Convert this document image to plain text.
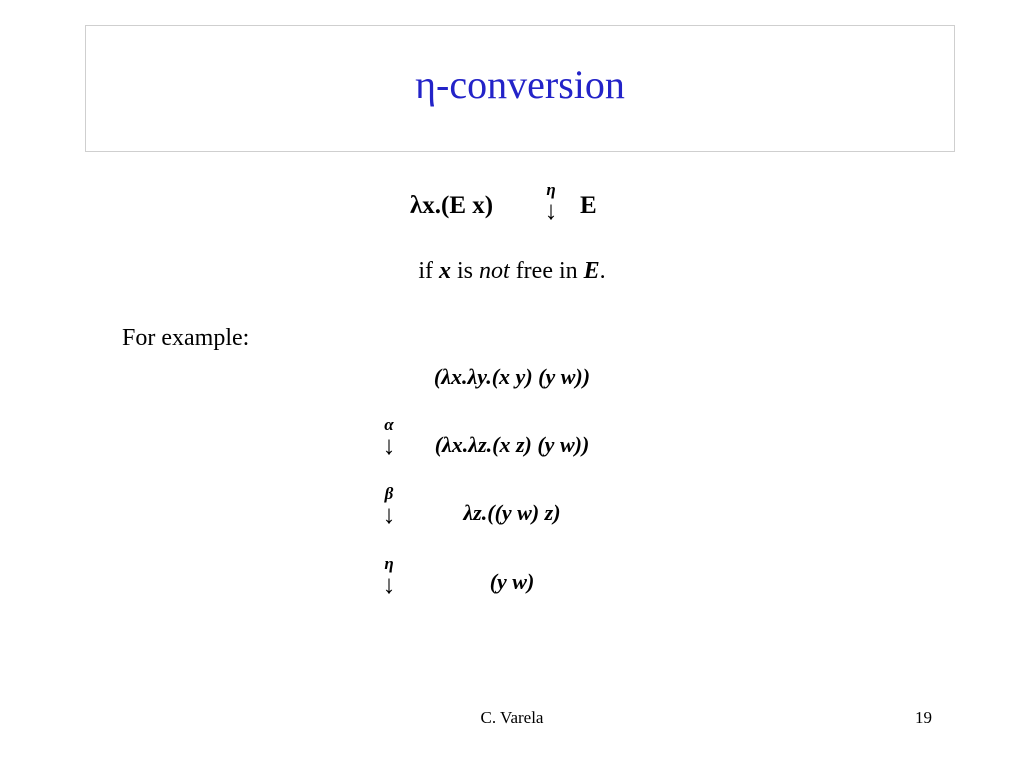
η-conversion
λx.(E x)
η
↓ E
if x is not free in E.
For example:
(λx.λy.(x y) (y w))
α
↓	(λx.λz.(x z) (y w))
β
↓	λz.((y w) z)
η
↓	(y w)
C. Varela	19
